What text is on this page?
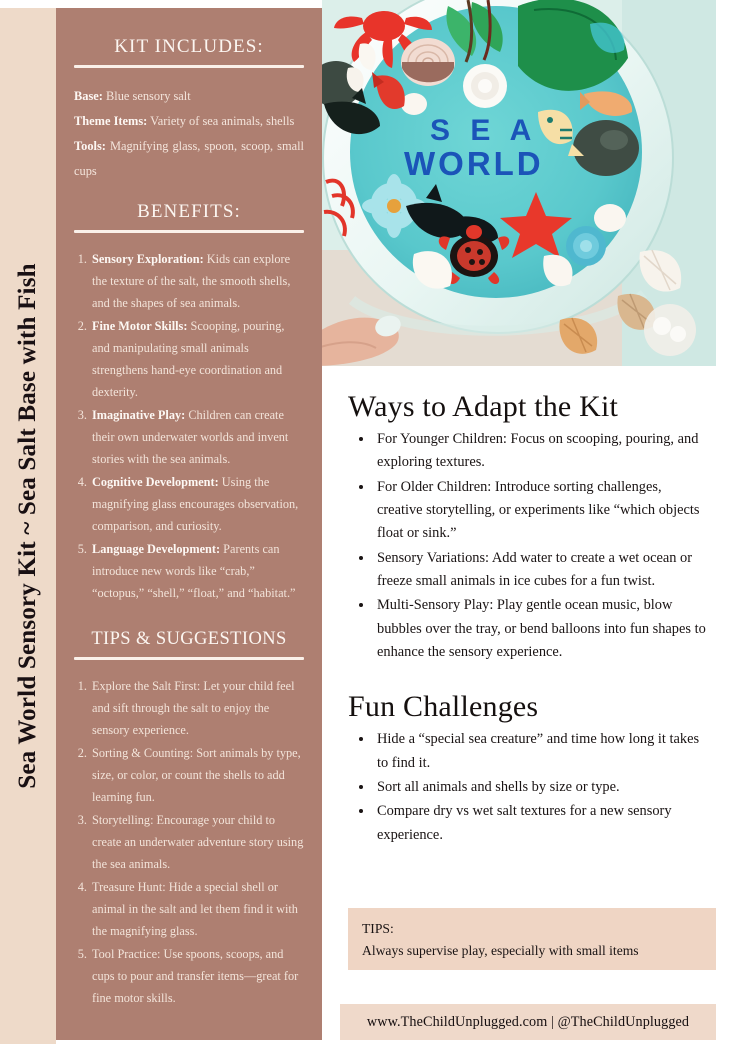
Sea World Sensory Kit ~ Sea Salt Base with Fish
KIT INCLUDES:
Base: Blue sensory salt
Theme Items: Variety of sea animals, shells
Tools: Magnifying glass, spoon, scoop, small cups
BENEFITS:
1. Sensory Exploration: Kids can explore the texture of the salt, the smooth shells, and the shapes of sea animals.
2. Fine Motor Skills: Scooping, pouring, and manipulating small animals strengthens hand-eye coordination and dexterity.
3. Imaginative Play: Children can create their own underwater worlds and invent stories with the sea animals.
4. Cognitive Development: Using the magnifying glass encourages observation, comparison, and curiosity.
5. Language Development: Parents can introduce new words like “crab,” “octopus,” “shell,” “float,” and “habitat.”
TIPS & SUGGESTIONS
1. Explore the Salt First: Let your child feel and sift through the salt to enjoy the sensory experience.
2. Sorting & Counting: Sort animals by type, size, or color, or count the shells to add learning fun.
3. Storytelling: Encourage your child to create an underwater adventure story using the sea animals.
4. Treasure Hunt: Hide a special shell or animal in the salt and let them find it with the magnifying glass.
5. Tool Practice: Use spoons, scoops, and cups to pour and transfer items—great for fine motor skills.
S E A
WORLD
Ways to Adapt the Kit
• For Younger Children: Focus on scooping, pouring, and exploring textures.
• For Older Children: Introduce sorting challenges, creative storytelling, or experiments like “which objects float or sink.”
• Sensory Variations: Add water to create a wet ocean or freeze small animals in ice cubes for a fun twist.
• Multi-Sensory Play: Play gentle ocean music, blow bubbles over the tray, or bend balloons into fun shapes to enhance the sensory experience.
Fun Challenges
• Hide a “special sea creature” and time how long it takes to find it.
• Sort all animals and shells by size or type.
• Compare dry vs wet salt textures for a new sensory experience.
TIPS:
Always supervise play, especially with small items
www.TheChildUnplugged.com | @TheChildUnplugged
